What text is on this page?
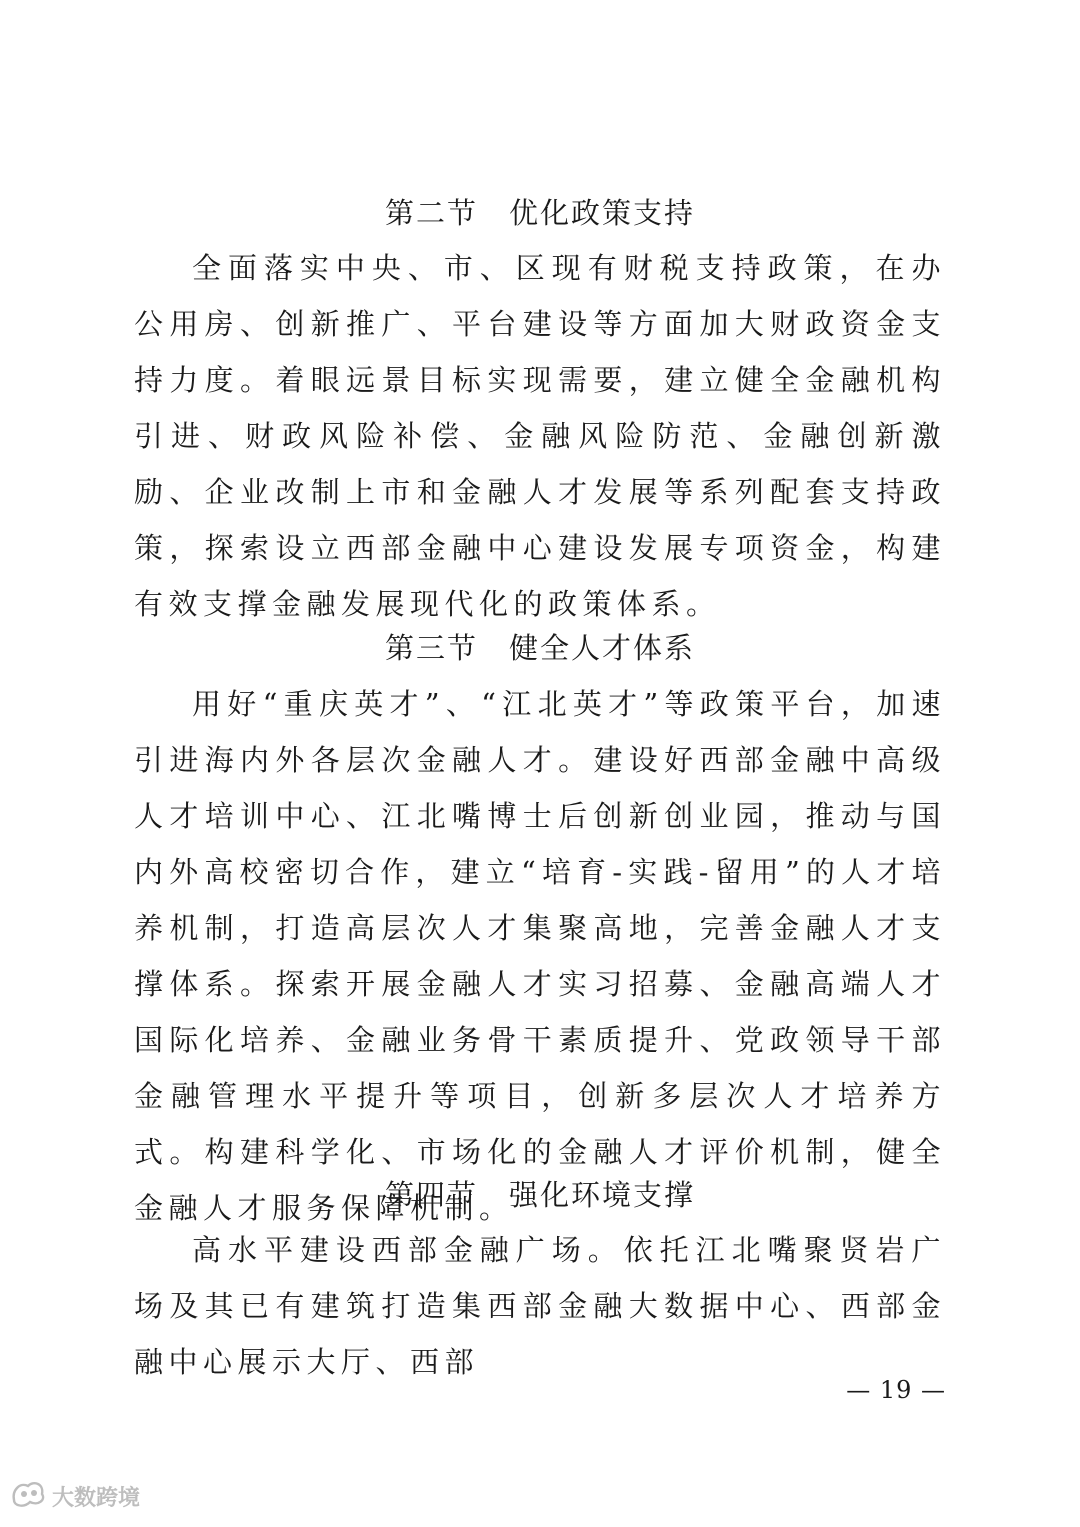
第二节　优化政策支持

全面落实中央、市、区现有财税支持政策，在办公用房、创新推广、平台建设等方面加大财政资金支持力度。着眼远景目标实现需要，建立健全金融机构引进、财政风险补偿、金融风险防范、金融创新激励、企业改制上市和金融人才发展等系列配套支持政策，探索设立西部金融中心建设发展专项资金，构建有效支撑金融发展现代化的政策体系。

第三节　健全人才体系

用好“重庆英才”、“江北英才”等政策平台，加速引进海内外各层次金融人才。建设好西部金融中高级人才培训中心、江北嘴博士后创新创业园，推动与国内外高校密切合作，建立“培育-实践-留用”的人才培养机制，打造高层次人才集聚高地，完善金融人才支撑体系。探索开展金融人才实习招募、金融高端人才国际化培养、金融业务骨干素质提升、党政领导干部金融管理水平提升等项目，创新多层次人才培养方式。构建科学化、市场化的金融人才评价机制，健全金融人才服务保障机制。

第四节　强化环境支撑

高水平建设西部金融广场。依托江北嘴聚贤岩广场及其已有建筑打造集西部金融大数据中心、西部金融中心展示大厅、西部

— 19 —
大数跨境
